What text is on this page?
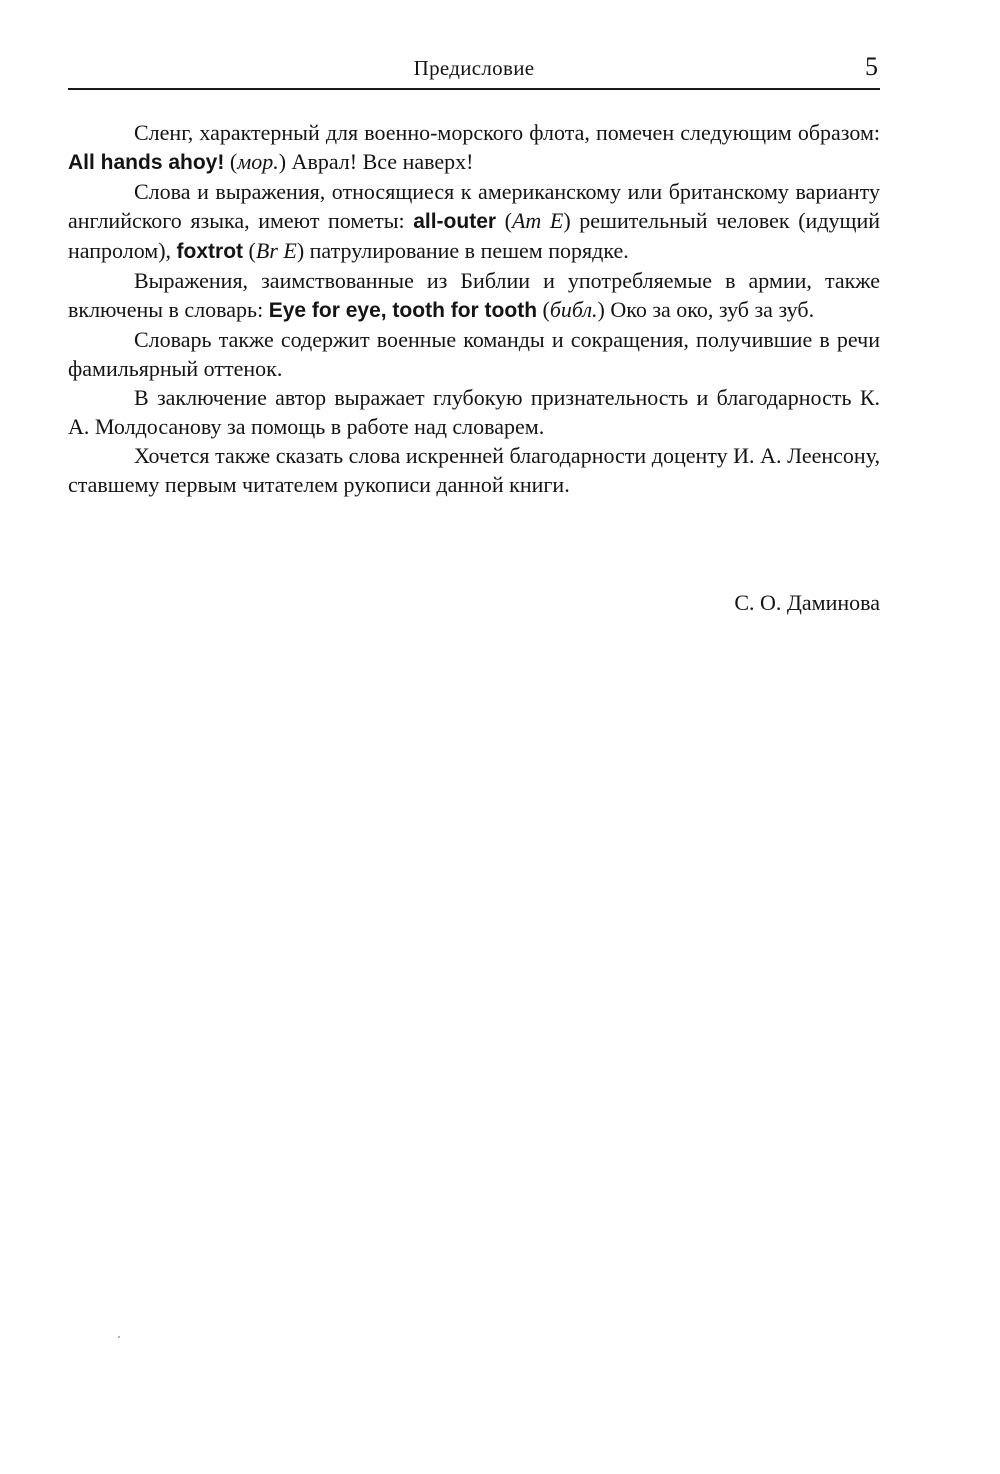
Предисловие	5

Сленг, характерный для военно-морского флота, помечен следующим образом: All hands ahoy! (мор.) Аврал! Все наверх!

Слова и выражения, относящиеся к американскому или британскому варианту английского языка, имеют пометы: all-outer (Am E) решительный человек (идущий напролом), foxtrot (Br E) патрулирование в пешем порядке.

Выражения, заимствованные из Библии и употребляемые в армии, также включены в словарь: Eye for eye, tooth for tooth (библ.) Око за око, зуб за зуб.

Словарь также содержит военные команды и сокращения, получившие в речи фамильярный оттенок.

В заключение автор выражает глубокую признательность и благодарность К. А. Молдосанову за помощь в работе над словарем.

Хочется также сказать слова искренней благодарности доценту И. А. Леенсону, ставшему первым читателем рукописи данной книги.

С. О. Даминова
